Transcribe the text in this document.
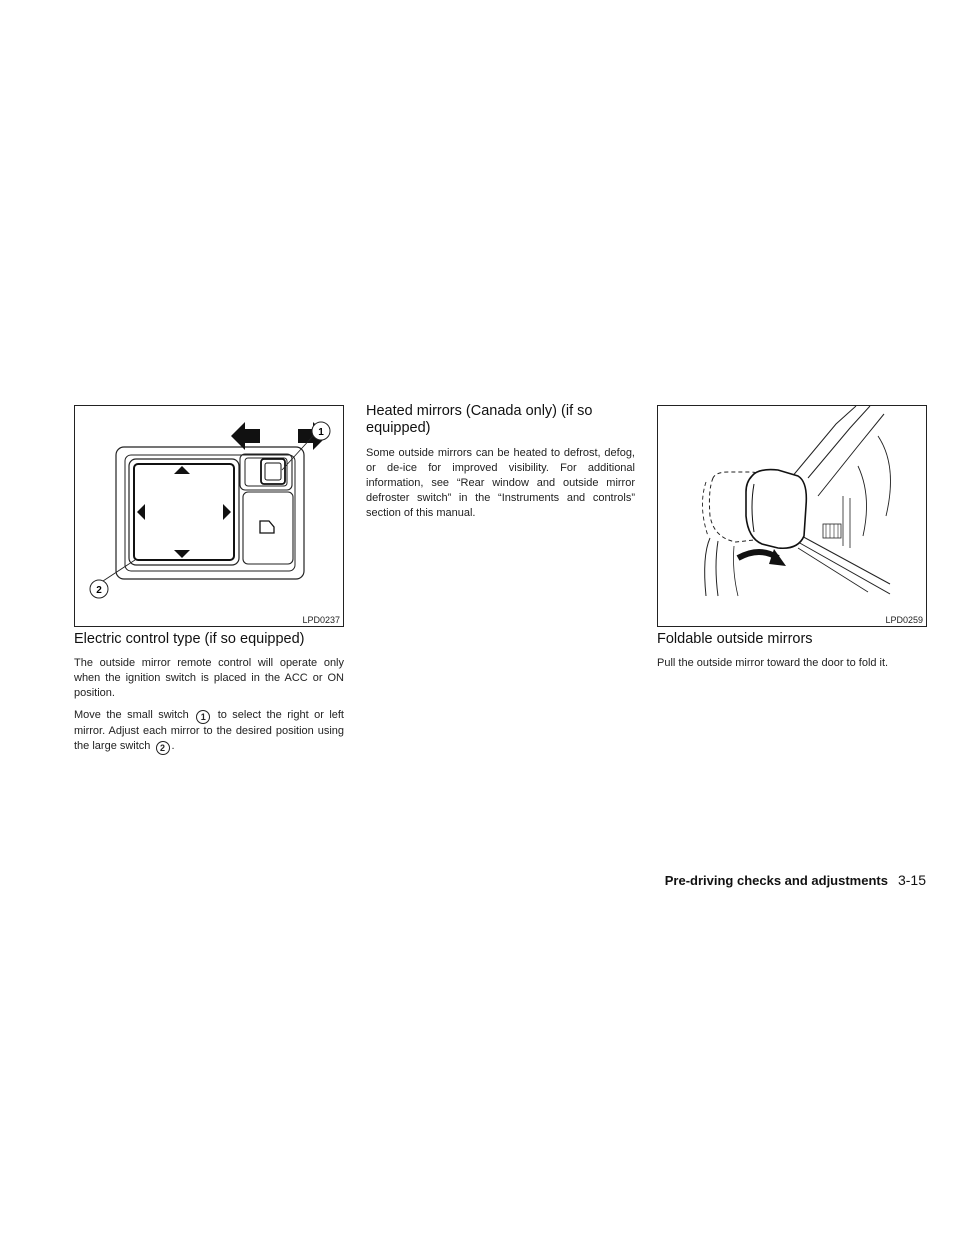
1
2
LPD0237
Electric control type (if so equipped)

The outside mirror remote control will operate only when the ignition switch is placed in the ACC or ON position.

Move the small switch 1 to select the right or left mirror. Adjust each mirror to the desired position using the large switch 2 .

Heated mirrors (Canada only) (if so equipped)

Some outside mirrors can be heated to defrost, defog, or de-ice for improved visibility. For additional information, see “Rear window and outside mirror defroster switch” in the “Instruments and controls” section of this manual.

LPD0259
Foldable outside mirrors

Pull the outside mirror toward the door to fold it.

Pre-driving checks and adjustments 3-15
